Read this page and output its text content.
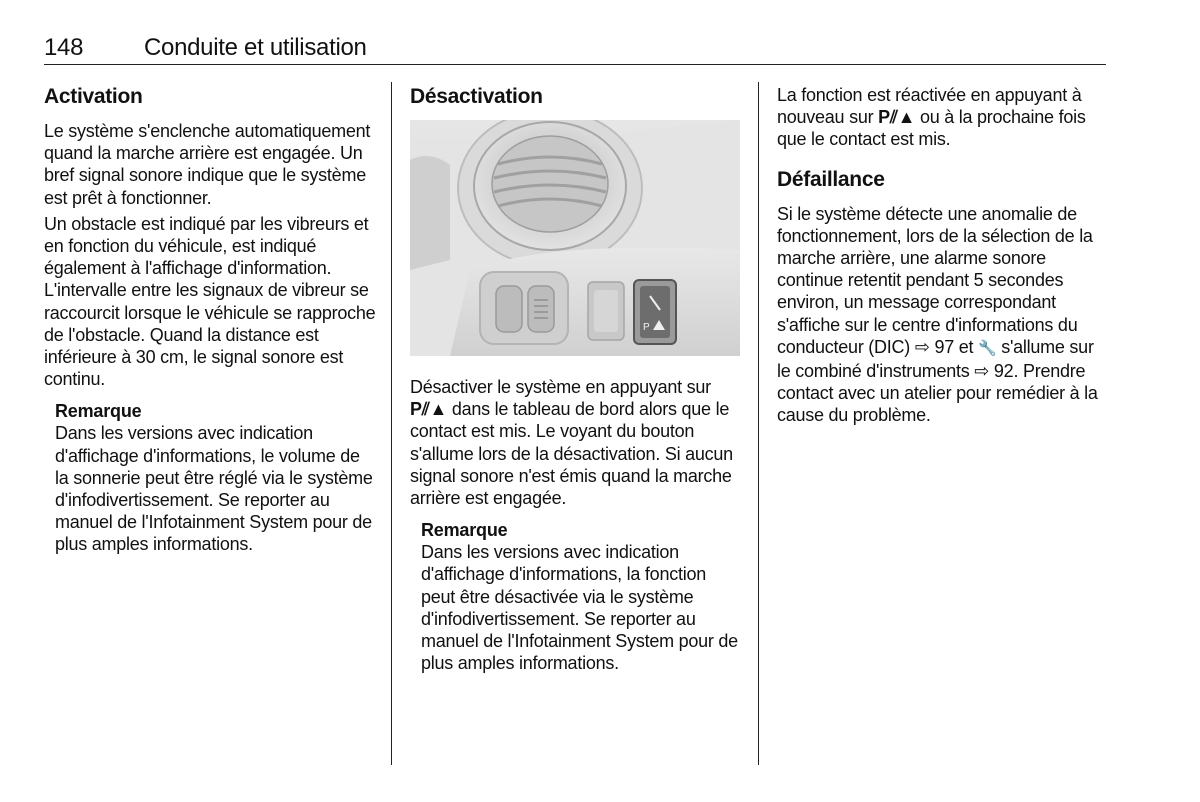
148	Conduite et utilisation
Activation

Le système s'enclenche automatiquement quand la marche arrière est engagée. Un bref signal sonore indique que le système est prêt à fonctionner.

Un obstacle est indiqué par les vibreurs et en fonction du véhicule, est indiqué également à l'affichage d'information. L'intervalle entre les signaux de vibreur se raccourcit lorsque le véhicule se rapproche de l'obstacle. Quand la distance est inférieure à 30 cm, le signal sonore est continu.

Remarque

Dans les versions avec indication d'affichage d'informations, le volume de la sonnerie peut être réglé via le système d'infodivertissement. Se reporter au manuel de l'Infotainment System pour de plus amples informations.

Désactivation
P

Désactiver le système en appuyant sur P⫽▲ dans le tableau de bord alors que le contact est mis. Le voyant du bouton s'allume lors de la désactivation. Si aucun signal sonore n'est émis quand la marche arrière est engagée.

Remarque

Dans les versions avec indication d'affichage d'informations, la fonction peut être désactivée via le système d'infodivertissement. Se reporter au manuel de l'Infotainment System pour de plus amples informations.

La fonction est réactivée en appuyant à nouveau sur P⫽▲ ou à la prochaine fois que le contact est mis.

Défaillance

Si le système détecte une anomalie de fonctionnement, lors de la sélection de la marche arrière, une alarme sonore continue retentit pendant 5 secondes environ, un message correspondant s'affiche sur le centre d'informations du conducteur (DIC) ⇨ 97 et 🔧 s'allume sur le combiné d'instruments ⇨ 92. Prendre contact avec un atelier pour remédier à la cause du problème.
